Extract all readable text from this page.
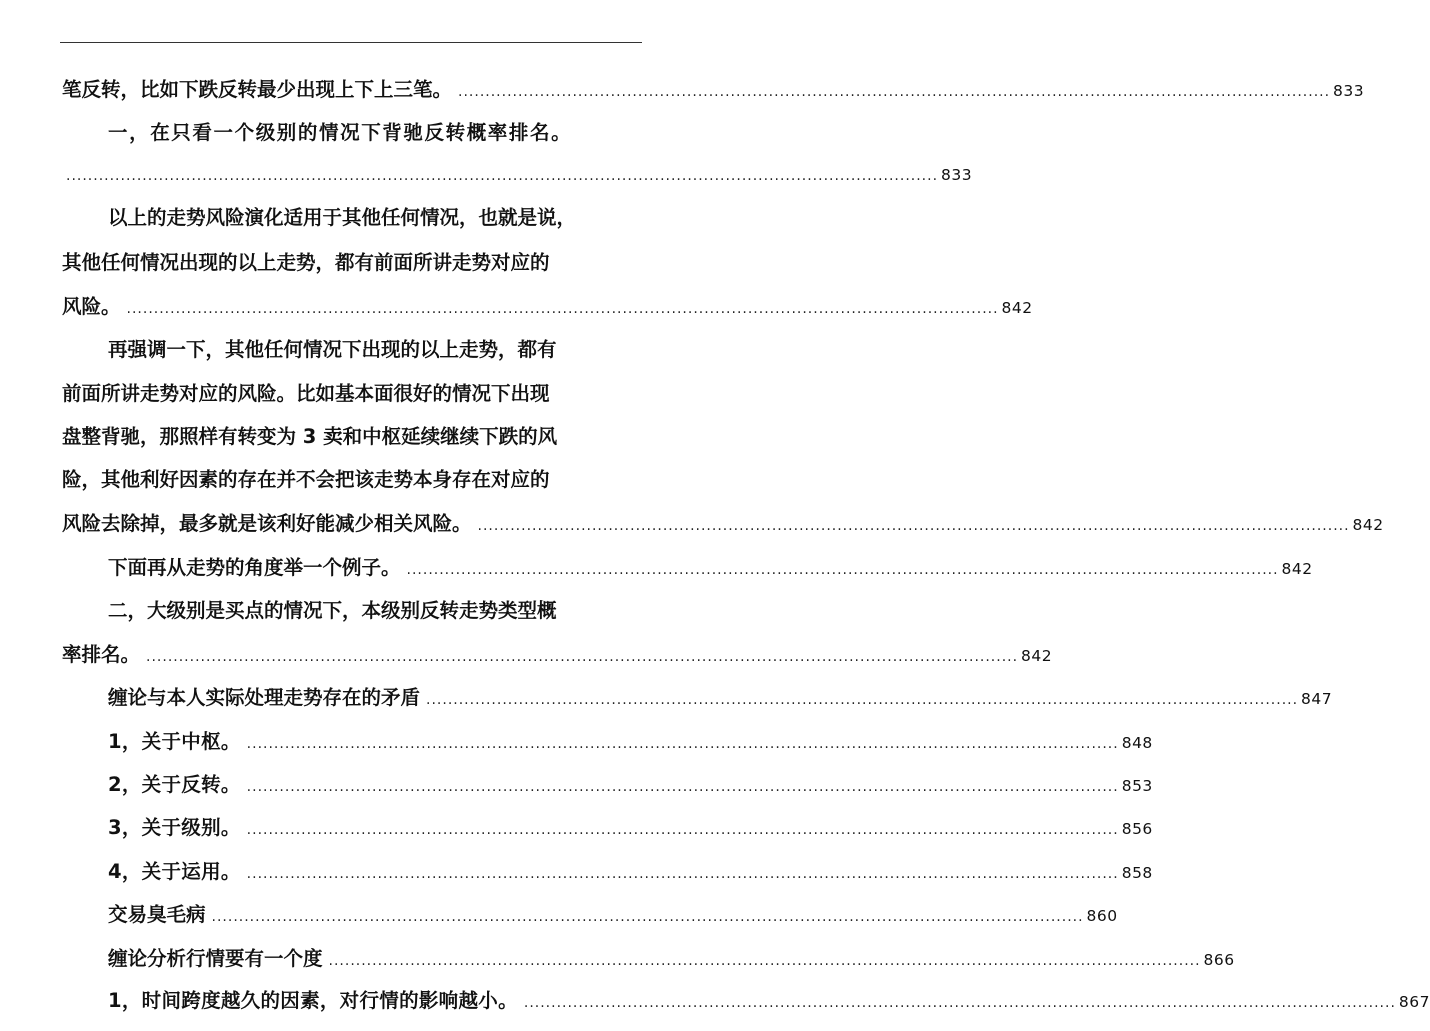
笔反转，比如下跌反转最少出现上下上三笔。 ................................................................................................................................................................ 833
一，在只看一个级别的情况下背驰反转概率排名。
................................................................................................................................................................ 833
以上的走势风险演化适用于其他任何情况，也就是说，
其他任何情况出现的以上走势，都有前面所讲走势对应的
风险。 ................................................................................................................................................................ 842
再强调一下，其他任何情况下出现的以上走势，都有
前面所讲走势对应的风险。比如基本面很好的情况下出现
盘整背驰，那照样有转变为 3 卖和中枢延续继续下跌的风
险，其他利好因素的存在并不会把该走势本身存在对应的
风险去除掉，最多就是该利好能减少相关风险。 ................................................................................................................................................................ 842
下面再从走势的角度举一个例子。 ................................................................................................................................................................ 842
二，大级别是买点的情况下，本级别反转走势类型概
率排名。 ................................................................................................................................................................ 842
缠论与本人实际处理走势存在的矛盾 ................................................................................................................................................................ 847
1，关于中枢。 ................................................................................................................................................................ 848
2，关于反转。 ................................................................................................................................................................ 853
3，关于级别。 ................................................................................................................................................................ 856
4，关于运用。 ................................................................................................................................................................ 858
交易臭毛病 ................................................................................................................................................................ 860
缠论分析行情要有一个度 ................................................................................................................................................................ 866
1，时间跨度越久的因素，对行情的影响越小。 ................................................................................................................................................................ 867
